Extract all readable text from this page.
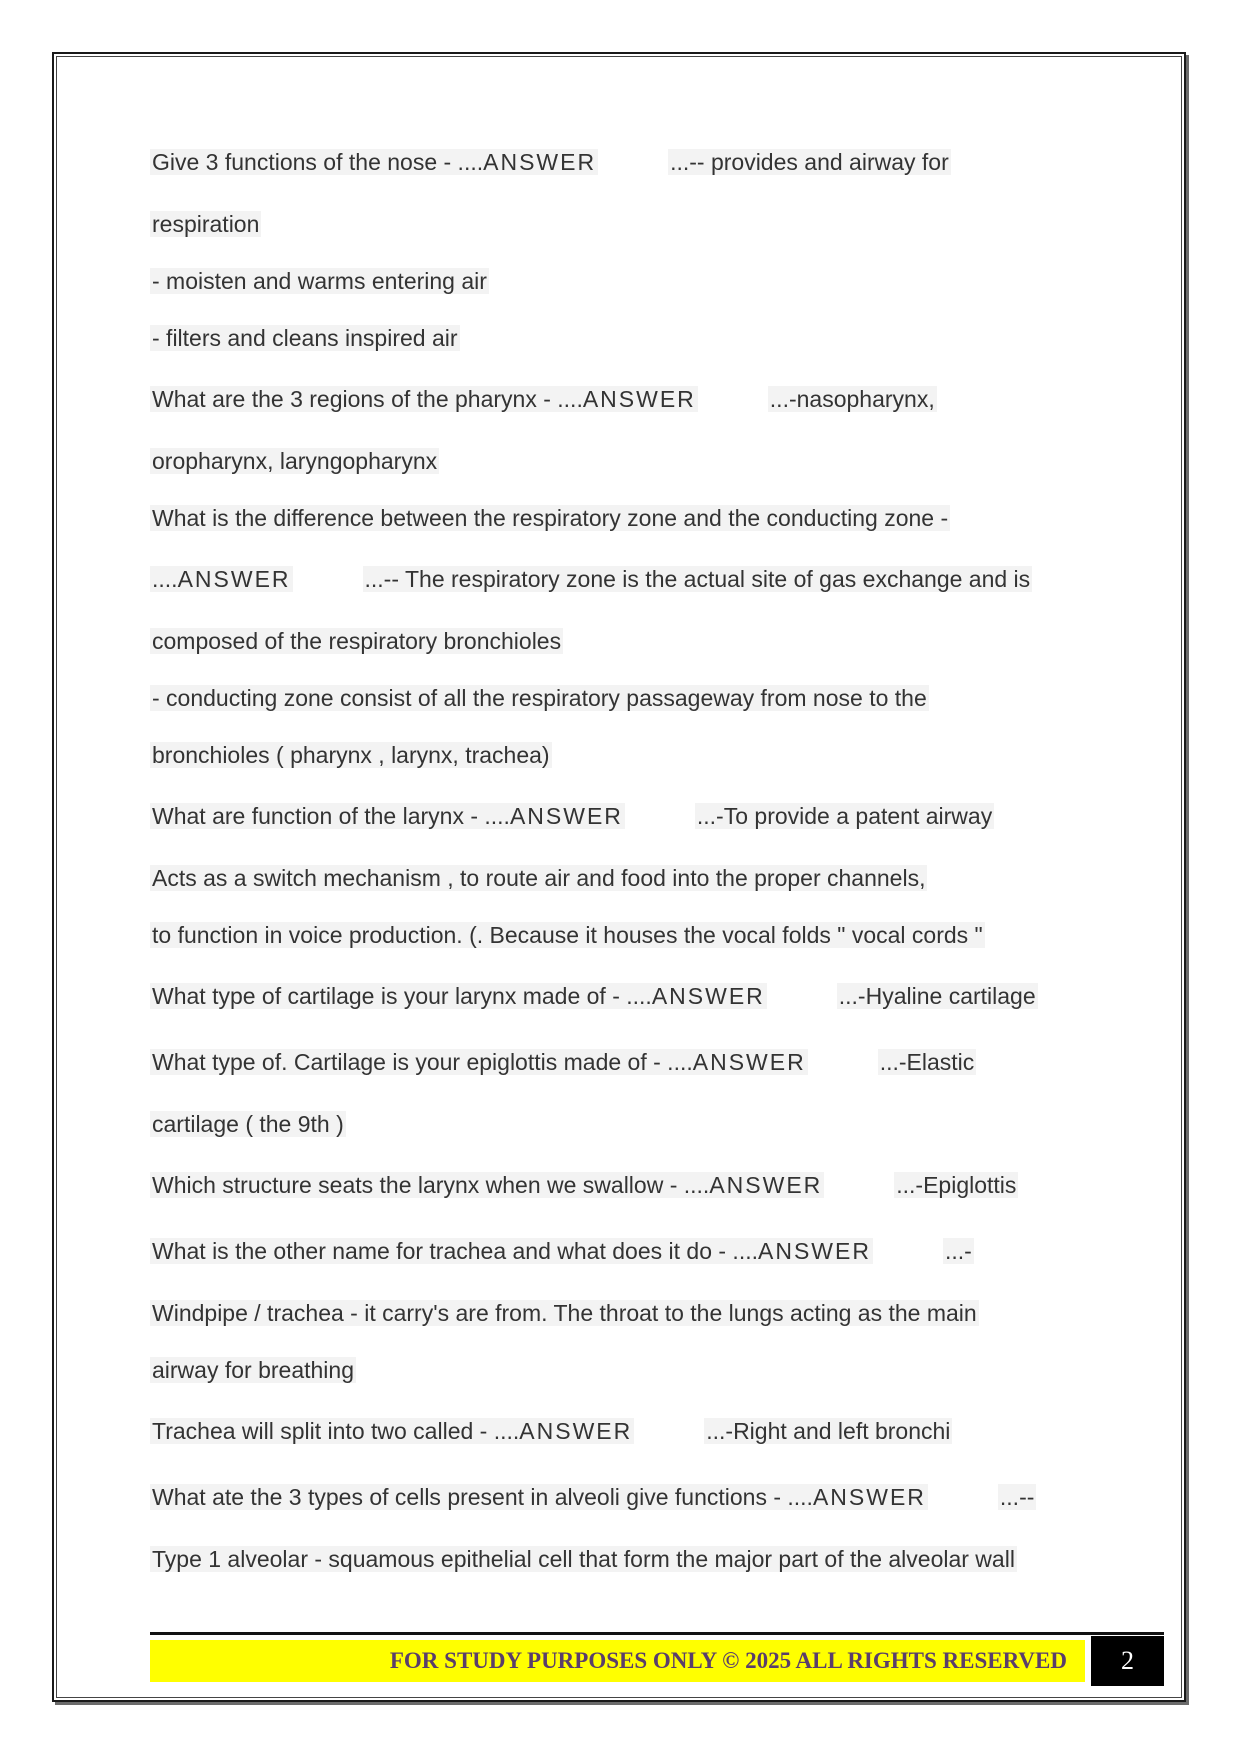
Give 3 functions of the nose - ....ANSWER	...-- provides and airway for
respiration
- moisten and warms entering air
- filters and cleans inspired air
What are the 3 regions of the pharynx - ....ANSWER	...-nasopharynx,
oropharynx, laryngopharynx
What is the difference between the respiratory zone and the conducting zone -
....ANSWER	...-- The respiratory zone is the actual site of gas exchange and is
composed of the respiratory bronchioles
- conducting zone consist of all the respiratory passageway from nose to the
bronchioles ( pharynx , larynx, trachea)
What are function of the larynx - ....ANSWER	...-To provide a patent airway
Acts as a switch mechanism , to route air and food into the proper channels,
to function in voice production. (. Because it houses the vocal folds " vocal cords "
What type of cartilage is your larynx made of - ....ANSWER	...-Hyaline cartilage
What type of. Cartilage is your epiglottis made of - ....ANSWER	...-Elastic
cartilage ( the 9th )
Which structure seats the larynx when we swallow - ....ANSWER	...-Epiglottis
What is the other name for trachea and what does it do - ....ANSWER	...-
Windpipe / trachea - it carry's are from. The throat to the lungs acting as the main
airway for breathing
Trachea will split into two called - ....ANSWER	...-Right and left bronchi
What ate the 3 types of cells present in alveoli give functions - ....ANSWER	...--
Type 1 alveolar - squamous epithelial cell that form the major part of the alveolar wall
FOR STUDY PURPOSES ONLY © 2025 ALL RIGHTS RESERVED 2
